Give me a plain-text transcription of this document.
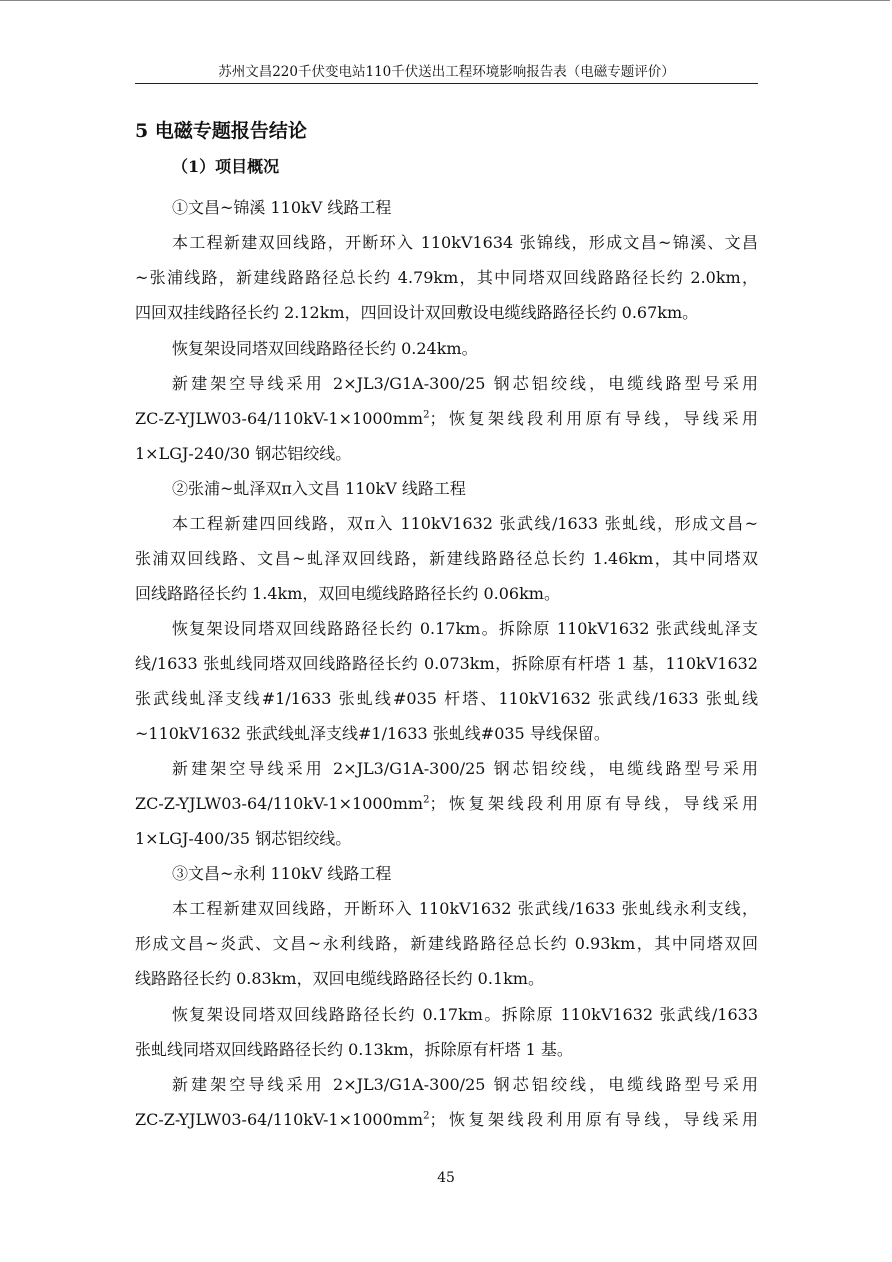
苏州文昌220千伏变电站110千伏送出工程环境影响报告表（电磁专题评价）
5 电磁专题报告结论
（1）项目概况
①文昌~锦溪 110kV 线路工程
本工程新建双回线路，开断环入 110kV1634 张锦线，形成文昌~锦溪、文昌
~张浦线路，新建线路路径总长约 4.79km，其中同塔双回线路路径长约 2.0km，
四回双挂线路径长约 2.12km，四回设计双回敷设电缆线路路径长约 0.67km。
恢复架设同塔双回线路路径长约 0.24km。
新建架空导线采用 2×JL3/G1A-300/25 钢芯铝绞线，电缆线路型号采用
$ZC-Z-YJLW03-64/110kV-1\times 1000mm^2$；恢复架线段利用原有导线，导线采用
1×LGJ-240/30 钢芯铝绞线。
②张浦~虬泽双π入文昌 110kV 线路工程
本工程新建四回线路，双π入 110kV1632 张武线/1633 张虬线，形成文昌~
张浦双回线路、文昌~虬泽双回线路，新建线路路径总长约 1.46km，其中同塔双
回线路路径长约 1.4km，双回电缆线路路径长约 0.06km。
恢复架设同塔双回线路路径长约 0.17km。拆除原 110kV1632 张武线虬泽支
线/1633 张虬线同塔双回线路路径长约 0.073km，拆除原有杆塔 1 基，110kV1632
张武线虬泽支线#1/1633 张虬线#035 杆塔、110kV1632 张武线/1633 张虬线
~110kV1632 张武线虬泽支线#1/1633 张虬线#035 导线保留。
新建架空导线采用 2×JL3/G1A-300/25 钢芯铝绞线，电缆线路型号采用
$ZC-Z-YJLW03-64/110kV-1\times 1000mm^2$；恢复架线段利用原有导线，导线采用
1×LGJ-400/35 钢芯铝绞线。
③文昌~永利 110kV 线路工程
本工程新建双回线路，开断环入 110kV1632 张武线/1633 张虬线永利支线，
形成文昌~炎武、文昌~永利线路，新建线路路径总长约 0.93km，其中同塔双回
线路路径长约 0.83km，双回电缆线路路径长约 0.1km。
恢复架设同塔双回线路路径长约 0.17km。拆除原 110kV1632 张武线/1633
张虬线同塔双回线路路径长约 0.13km，拆除原有杆塔 1 基。
新建架空导线采用 2×JL3/G1A-300/25 钢芯铝绞线，电缆线路型号采用
$ZC-Z-YJLW03-64/110kV-1\times 1000mm^2$；恢复架线段利用原有导线，导线采用
45
